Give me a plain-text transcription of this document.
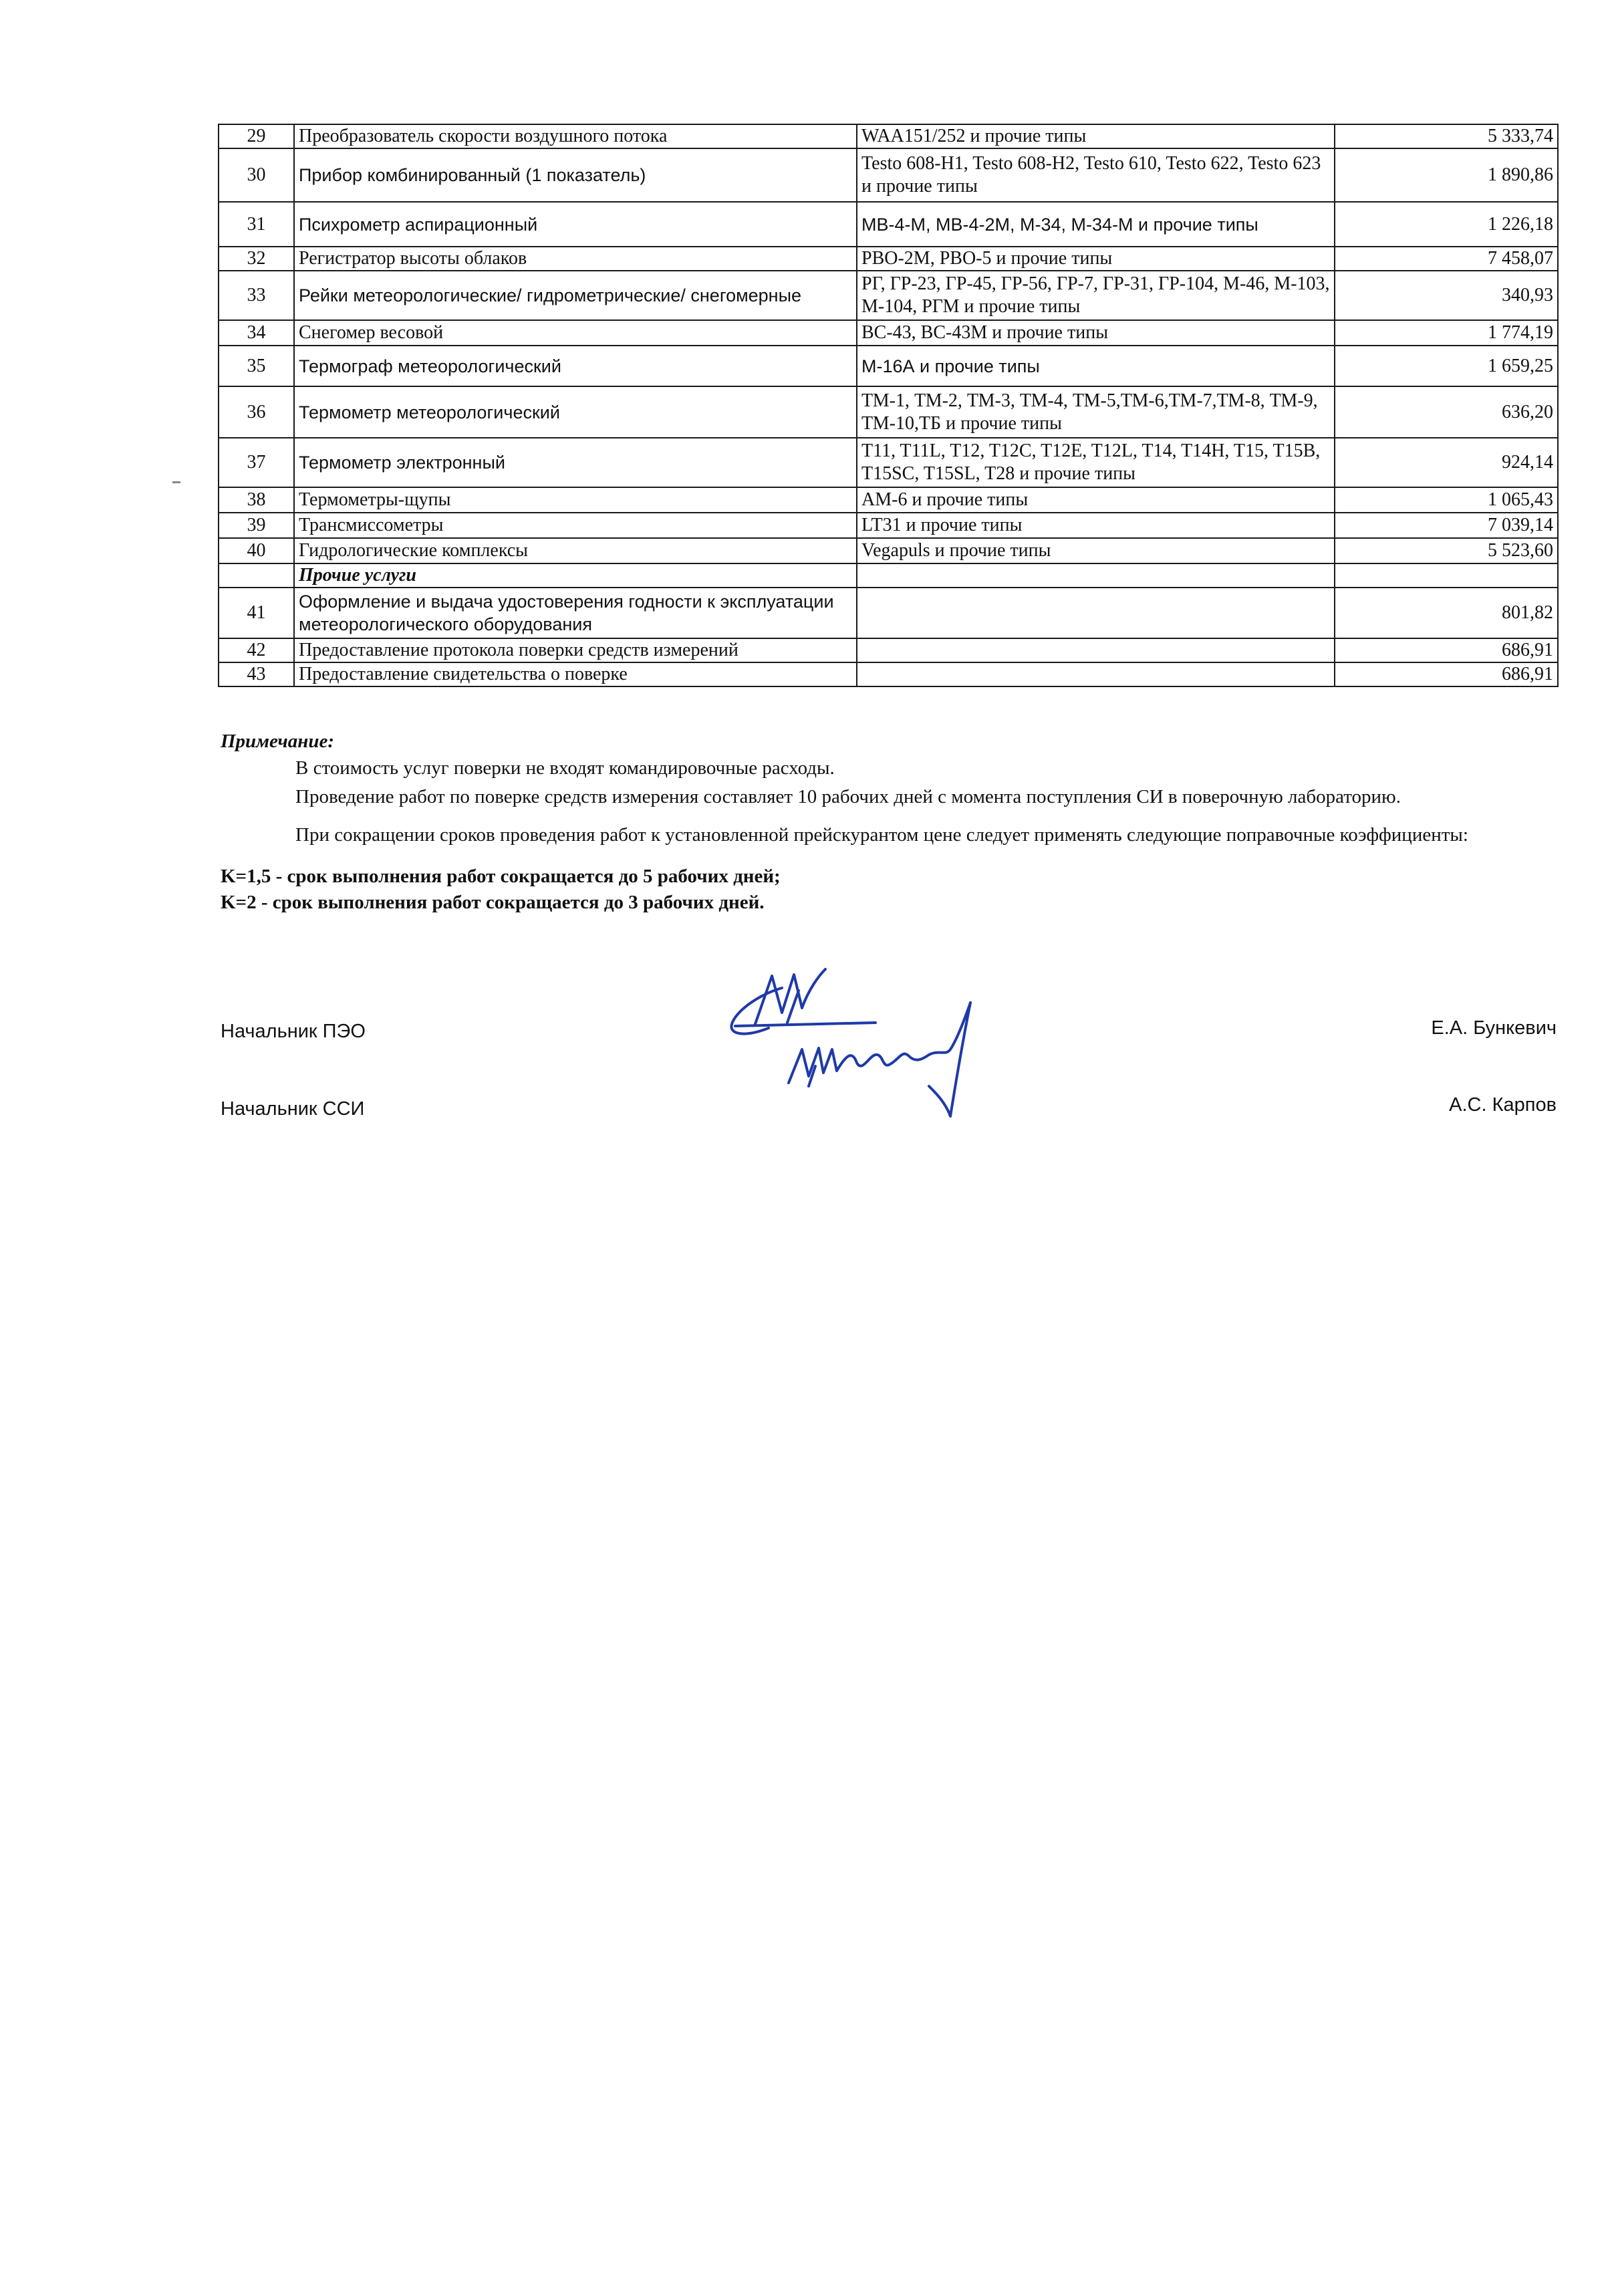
29	Преобразователь скорости воздушного потока	WAA151/252 и прочие типы	5 333,74
30	Прибор комбинированный (1 показатель)	Testo 608-H1, Testo 608-H2, Testo 610, Testo 622, Testo 623 и прочие типы	1 890,86
31	Психрометр аспирационный	МВ-4-М, МВ-4-2М, М-34, М-34-М и прочие типы	1 226,18
32	Регистратор высоты облаков	РВО-2М, РВО-5 и прочие типы	7 458,07
33	Рейки метеорологические/ гидрометрические/ снегомерные	РГ, ГР-23, ГР-45, ГР-56, ГР-7, ГР-31, ГР-104, М-46, М-103, М-104, РГМ и прочие типы	340,93
34	Снегомер весовой	ВС-43, ВС-43М и прочие типы	1 774,19
35	Термограф метеорологический	М-16А и прочие типы	1 659,25
36	Термометр метеорологический	ТМ-1, ТМ-2, ТМ-3, ТМ-4, ТМ-5,ТМ-6,ТМ-7,ТМ-8, ТМ-9, ТМ-10,ТБ и прочие типы	636,20
37	Термометр электронный	T11, T11L, T12, T12C, T12E, T12L, T14, T14H, T15, T15B, T15SC, T15SL, T28 и прочие типы	924,14
38	Термометры-щупы	АМ-6 и прочие типы	1 065,43
39	Трансмиссометры	LT31 и прочие типы	7 039,14
40	Гидрологические комплексы	Vegapuls и прочие типы	5 523,60
	Прочие услуги		
41	Оформление и выдача удостоверения годности к эксплуатации метеорологического оборудования		801,82
42	Предоставление протокола поверки средств измерений		686,91
43	Предоставление свидетельства о поверке		686,91
Примечание:
В стоимость услуг поверки не входят командировочные расходы.
Проведение работ по поверке средств измерения составляет 10 рабочих дней с момента поступления СИ в поверочную лабораторию.
При сокращении сроков проведения работ к установленной прейскурантом цене следует применять следующие поправочные коэффициенты:
K=1,5 - срок выполнения работ сокращается до 5 рабочих дней;
K=2 - срок выполнения работ сокращается до 3 рабочих дней.
Начальник ПЭО	Е.А. Бункевич
Начальник ССИ	А.С. Карпов
